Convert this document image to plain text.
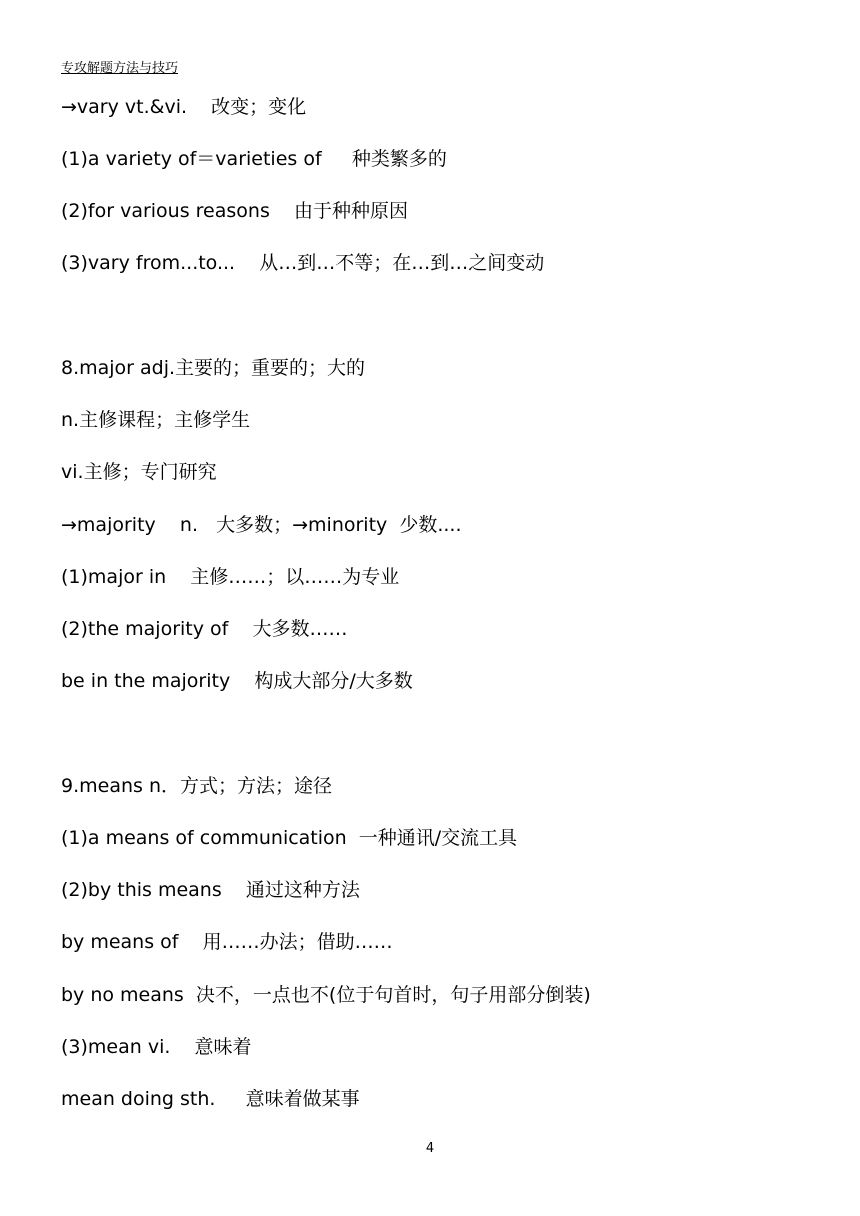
专攻解题方法与技巧
→vary vt.&vi.    改变；变化
(1)a variety of＝varieties of     种类繁多的
(2)for various reasons    由于种种原因
(3)vary from...to...    从…到…不等；在…到…之间变动
8.major adj.主要的；重要的；大的
n.主修课程；主修学生
vi.主修；专门研究
→majority    n.   大多数；→minority  少数....
(1)major in    主修……；以……为专业
(2)the majority of    大多数……
be in the majority    构成大部分/大多数
9.means n．方式；方法；途径
(1)a means of communication  一种通讯/交流工具
(2)by this means    通过这种方法
by means of    用……办法；借助……
by no means  决不，一点也不(位于句首时，句子用部分倒装)
(3)mean vi.    意味着
mean doing sth.     意味着做某事
4
